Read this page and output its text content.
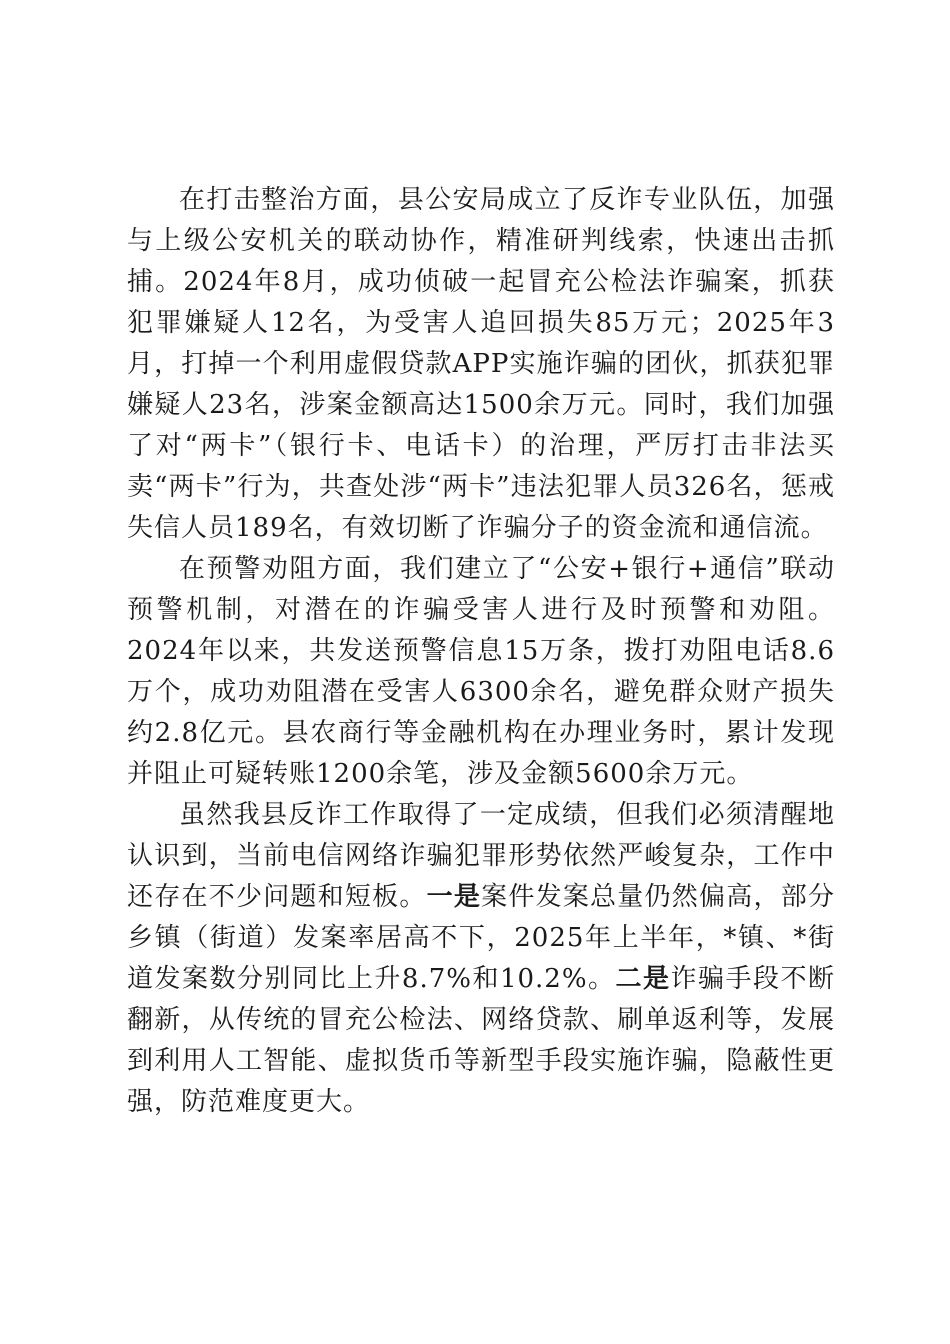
在打击整治方面，县公安局成立了反诈专业队伍，加强与上级公安机关的联动协作，精准研判线索，快速出击抓捕。2024年8月，成功侦破一起冒充公检法诈骗案，抓获犯罪嫌疑人12名，为受害人追回损失85万元；2025年3月，打掉一个利用虚假贷款APP实施诈骗的团伙，抓获犯罪嫌疑人23名，涉案金额高达1500余万元。同时，我们加强了对“两卡”（银行卡、电话卡）的治理，严厉打击非法买卖“两卡”行为，共查处涉“两卡”违法犯罪人员326名，惩戒失信人员189名，有效切断了诈骗分子的资金流和通信流。

在预警劝阻方面，我们建立了“公安+银行+通信”联动预警机制，对潜在的诈骗受害人进行及时预警和劝阻。2024年以来，共发送预警信息15万条，拨打劝阻电话8.6万个，成功劝阻潜在受害人6300余名，避免群众财产损失约2.8亿元。县农商行等金融机构在办理业务时，累计发现并阻止可疑转账1200余笔，涉及金额5600余万元。

虽然我县反诈工作取得了一定成绩，但我们必须清醒地认识到，当前电信网络诈骗犯罪形势依然严峻复杂，工作中还存在不少问题和短板。一是案件发案总量仍然偏高，部分乡镇（街道）发案率居高不下，2025年上半年，*镇、*街道发案数分别同比上升8.7%和10.2%。二是诈骗手段不断翻新，从传统的冒充公检法、网络贷款、刷单返利等，发展到利用人工智能、虚拟货币等新型手段实施诈骗，隐蔽性更强，防范难度更大。
